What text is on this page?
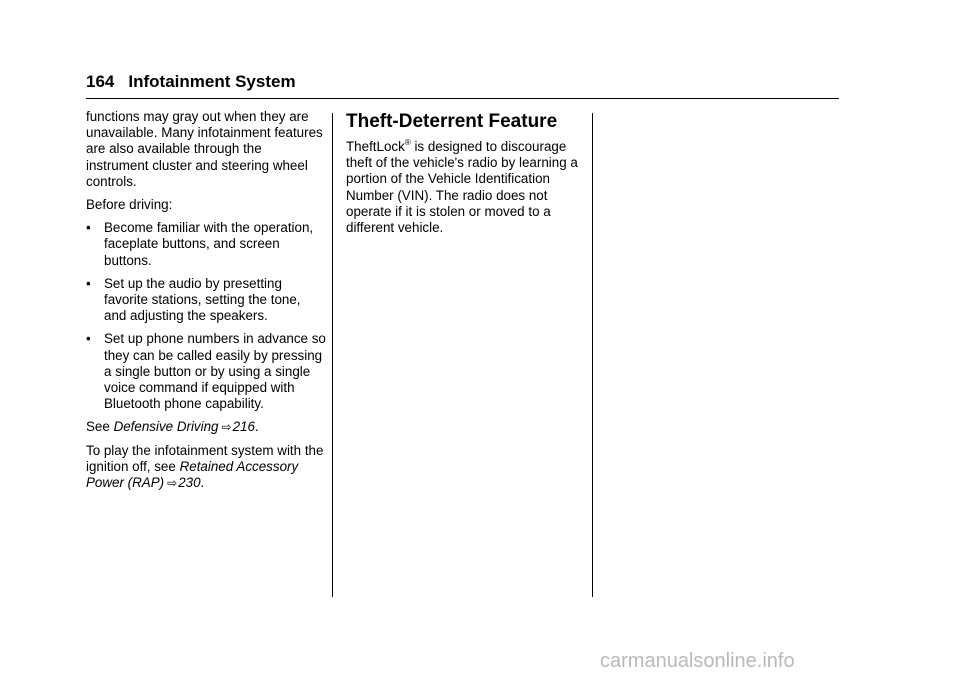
164 Infotainment System

functions may gray out when they are unavailable. Many infotainment features are also available through the instrument cluster and steering wheel controls.

Before driving:

• Become familiar with the operation, faceplate buttons, and screen buttons.
• Set up the audio by presetting favorite stations, setting the tone, and adjusting the speakers.
• Set up phone numbers in advance so they can be called easily by pressing a single button or by using a single voice command if equipped with Bluetooth phone capability.

See Defensive Driving ⇨216.

To play the infotainment system with the ignition off, see Retained Accessory Power (RAP) ⇨230.

Theft-Deterrent Feature

TheftLock® is designed to discourage theft of the vehicle's radio by learning a portion of the Vehicle Identification Number (VIN). The radio does not operate if it is stolen or moved to a different vehicle.

carmanualsonline.info
